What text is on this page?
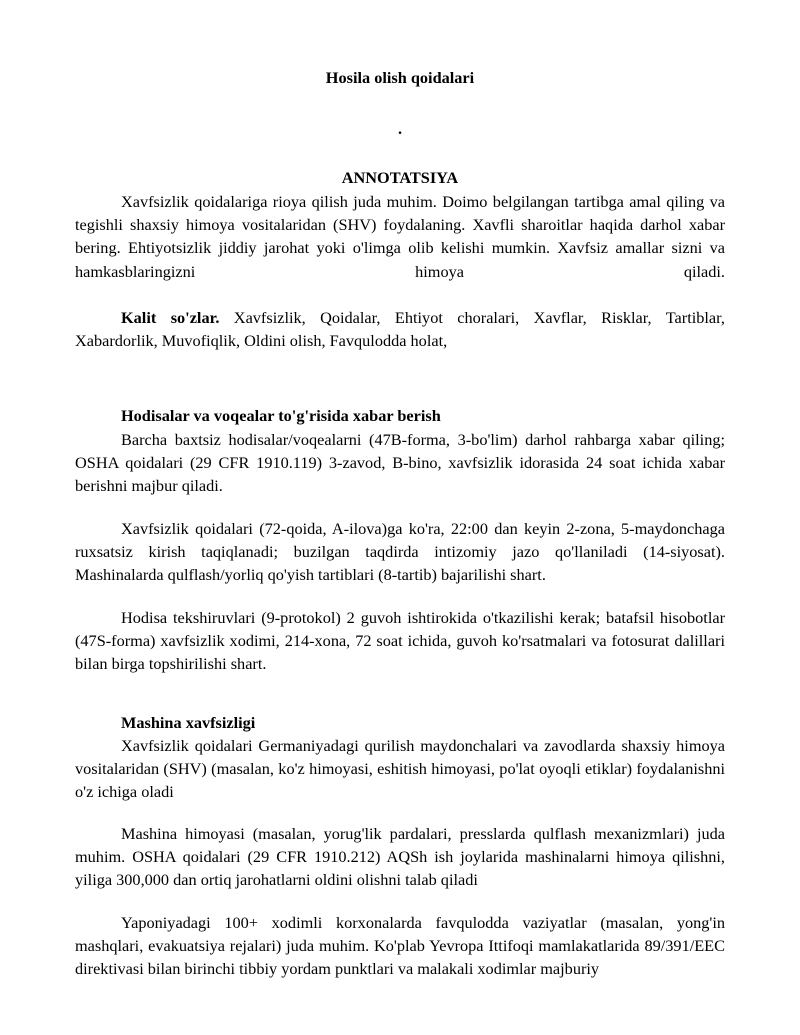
Hosila olish qoidalari
.
ANNOTATSIYA

Xavfsizlik qoidalariga rioya qilish juda muhim. Doimo belgilangan tartibga amal qiling va tegishli shaxsiy himoya vositalaridan (SHV) foydalaning. Xavfli sharoitlar haqida darhol xabar bering. Ehtiyotsizlik jiddiy jarohat yoki o'limga olib kelishi mumkin. Xavfsiz amallar sizni va hamkasblaringizni himoya qiladi.

Kalit so'zlar. Xavfsizlik, Qoidalar, Ehtiyot choralari, Xavflar, Risklar, Tartiblar, Xabardorlik, Muvofiqlik, Oldini olish, Favqulodda holat,

Hodisalar va voqealar to'g'risida xabar berish

Barcha baxtsiz hodisalar/voqealarni (47B-forma, 3-bo'lim) darhol rahbarga xabar qiling; OSHA qoidalari (29 CFR 1910.119) 3-zavod, B-bino, xavfsizlik idorasida 24 soat ichida xabar berishni majbur qiladi.

Xavfsizlik qoidalari (72-qoida, A-ilova)ga ko'ra, 22:00 dan keyin 2-zona, 5-maydonchaga ruxsatsiz kirish taqiqlanadi; buzilgan taqdirda intizomiy jazo qo'llaniladi (14-siyosat). Mashinalarda qulflash/yorliq qo'yish tartiblari (8-tartib) bajarilishi shart.

Hodisa tekshiruvlari (9-protokol) 2 guvoh ishtirokida o'tkazilishi kerak; batafsil hisobotlar (47S-forma) xavfsizlik xodimi, 214-xona, 72 soat ichida, guvoh ko'rsatmalari va fotosurat dalillari bilan birga topshirilishi shart.

Mashina xavfsizligi

Xavfsizlik qoidalari Germaniyadagi qurilish maydonchalari va zavodlarda shaxsiy himoya vositalaridan (SHV) (masalan, ko'z himoyasi, eshitish himoyasi, po'lat oyoqli etiklar) foydalanishni o'z ichiga oladi

Mashina himoyasi (masalan, yorug'lik pardalari, presslarda qulflash mexanizmlari) juda muhim. OSHA qoidalari (29 CFR 1910.212) AQSh ish joylarida mashinalarni himoya qilishni, yiliga 300,000 dan ortiq jarohatlarni oldini olishni talab qiladi

Yaponiyadagi 100+ xodimli korxonalarda favqulodda vaziyatlar (masalan, yong'in mashqlari, evakuatsiya rejalari) juda muhim. Ko'plab Yevropa Ittifoqi mamlakatlarida 89/391/EEC direktivasi bilan birinchi tibbiy yordam punktlari va malakali xodimlar majburiy
